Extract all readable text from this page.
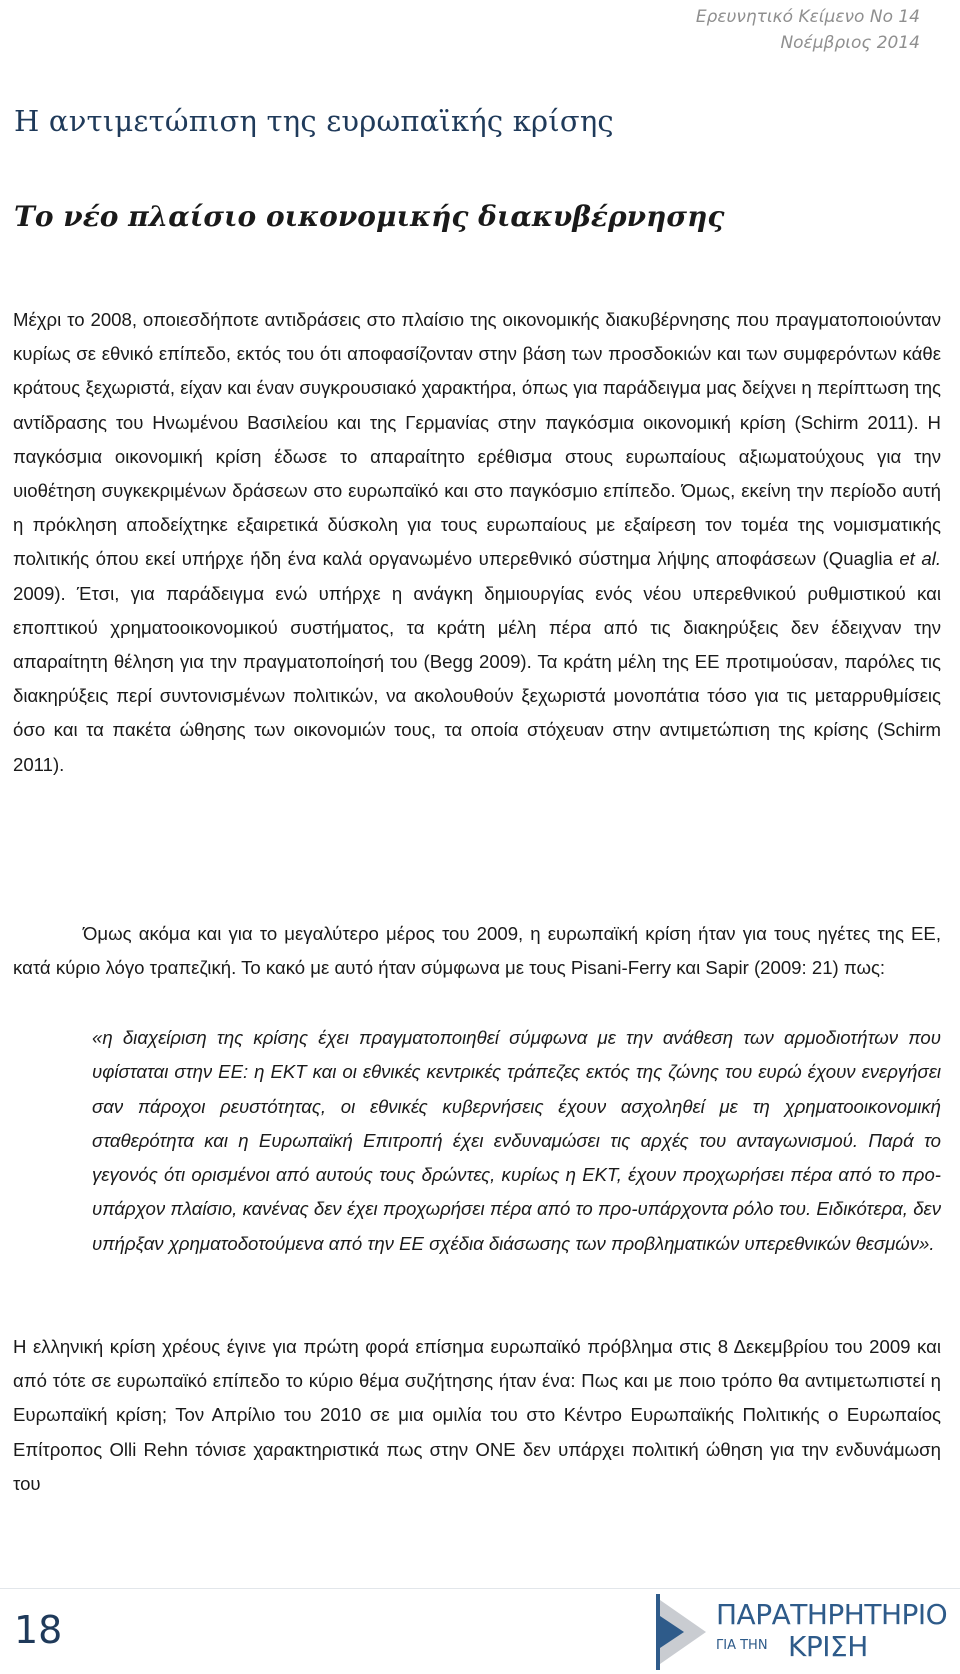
Ερευνητικό Κείμενο Νο 14
Νοέμβριος 2014
Η αντιμετώπιση της ευρωπαϊκής κρίσης
Το νέο πλαίσιο οικονομικής διακυβέρνησης

Μέχρι το 2008, οποιεσδήποτε αντιδράσεις στο πλαίσιο της οικονομικής διακυβέρνησης που πραγματοποιούνταν κυρίως σε εθνικό επίπεδο, εκτός του ότι αποφασίζονταν στην βάση των προσδοκιών και των συμφερόντων κάθε κράτους ξεχωριστά, είχαν και έναν συγκρουσιακό χαρακτήρα, όπως για παράδειγμα μας δείχνει η περίπτωση της αντίδρασης του Ηνωμένου Βασιλείου και της Γερμανίας στην παγκόσμια οικονομική κρίση (Schirm 2011). Η παγκόσμια οικονομική κρίση έδωσε το απαραίτητο ερέθισμα στους ευρωπαίους αξιωματούχους για την υιοθέτηση συγκεκριμένων δράσεων στο ευρωπαϊκό και στο παγκόσμιο επίπεδο. Όμως, εκείνη την περίοδο αυτή η πρόκληση αποδείχτηκε εξαιρετικά δύσκολη για τους ευρωπαίους με εξαίρεση τον τομέα της νομισματικής πολιτικής όπου εκεί υπήρχε ήδη ένα καλά οργανωμένο υπερεθνικό σύστημα λήψης αποφάσεων (Quaglia et al. 2009). Έτσι, για παράδειγμα ενώ υπήρχε η ανάγκη δημιουργίας ενός νέου υπερεθνικού ρυθμιστικού και εποπτικού χρηματοοικονομικού συστήματος, τα κράτη μέλη πέρα από τις διακηρύξεις δεν έδειχναν την απαραίτητη θέληση για την πραγματοποίησή του (Begg 2009). Τα κράτη μέλη της ΕΕ προτιμούσαν, παρόλες τις διακηρύξεις περί συντονισμένων πολιτικών, να ακολουθούν ξεχωριστά μονοπάτια τόσο για τις μεταρρυθμίσεις όσο και τα πακέτα ώθησης των οικονομιών τους, τα οποία στόχευαν στην αντιμετώπιση της κρίσης (Schirm 2011).

Όμως ακόμα και για το μεγαλύτερο μέρος του 2009, η ευρωπαϊκή κρίση ήταν για τους ηγέτες της ΕΕ, κατά κύριο λόγο τραπεζική. Το κακό με αυτό ήταν σύμφωνα με τους Pisani-Ferry και Sapir (2009: 21) πως:

«η διαχείριση της κρίσης έχει πραγματοποιηθεί σύμφωνα με την ανάθεση των αρμοδιοτήτων που υφίσταται στην ΕΕ: η ΕΚΤ και οι εθνικές κεντρικές τράπεζες εκτός της ζώνης του ευρώ έχουν ενεργήσει σαν πάροχοι ρευστότητας, οι εθνικές κυβερνήσεις έχουν ασχοληθεί με τη χρηματοοικονομική σταθερότητα και η Ευρωπαϊκή Επιτροπή έχει ενδυναμώσει τις αρχές του ανταγωνισμού. Παρά το γεγονός ότι ορισμένοι από αυτούς τους δρώντες, κυρίως η ΕΚΤ, έχουν προχωρήσει πέρα από το προ-υπάρχον πλαίσιο, κανένας δεν έχει προχωρήσει πέρα από το προ-υπάρχοντα ρόλο του. Ειδικότερα, δεν υπήρξαν χρηματοδοτούμενα από την ΕΕ σχέδια διάσωσης των προβληματικών υπερεθνικών θεσμών».

Η ελληνική κρίση χρέους έγινε για πρώτη φορά επίσημα ευρωπαϊκό πρόβλημα στις 8 Δεκεμβρίου του 2009 και από τότε σε ευρωπαϊκό επίπεδο το κύριο θέμα συζήτησης ήταν ένα: Πως και με ποιο τρόπο θα αντιμετωπιστεί η Ευρωπαϊκή κρίση; Τον Απρίλιο του 2010 σε μια ομιλία του στο Κέντρο Ευρωπαϊκής Πολιτικής ο Ευρωπαίος Επίτροπος Olli Rehn τόνισε χαρακτηριστικά πως στην ΟΝΕ δεν υπάρχει πολιτική ώθηση για την ενδυνάμωση του

18	ΠΑΡΑΤΗΡΗΤΗΡΙΟ
ΓΙΑ ΤΗΝ ΚΡΙΣΗ
